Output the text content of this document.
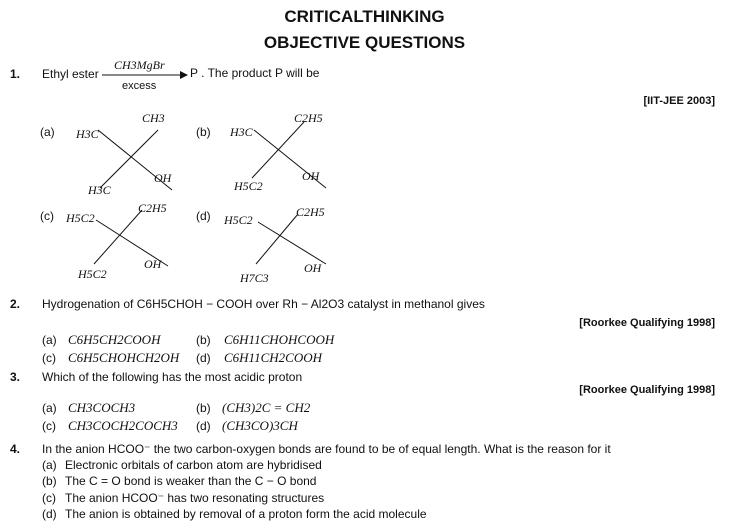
CRITICALTHINKING
OBJECTIVE QUESTIONS
1. Ethyl ester
CH3MgBr
excess
P . The product P will be
[IIT-JEE 2003]
(a)
CH3
H3C
H3C
OH
(b)
C2H5
H3C
H5C2
OH
(c)
C2H5
H5C2
H5C2
OH
(d)	C2H5
H5C2
H7C3
OH
2. Hydrogenation of C6H5CHOH − COOH over Rh − Al2O3 catalyst in methanol gives
[Roorkee Qualifying 1998]
(a) C6H5CH2COOH	(b) C6H11CHOHCOOH
(c) C6H5CHOHCH2OH (d) C6H11CH2COOH
3. Which of the following has the most acidic proton
[Roorkee Qualifying 1998]
(a) CH3COCH3	(b) (CH3)2C = CH2
(c) CH3COCH2COCH3 (d) (CH3CO)3CH
4. In the anion HCOO⁻ the two carbon-oxygen bonds are found to be of equal length. What is the reason for it
(a) Electronic orbitals of carbon atom are hybridised
(b) The C = O bond is weaker than the C − O bond
(c) The anion HCOO⁻ has two resonating structures
(d) The anion is obtained by removal of a proton form the acid molecule
